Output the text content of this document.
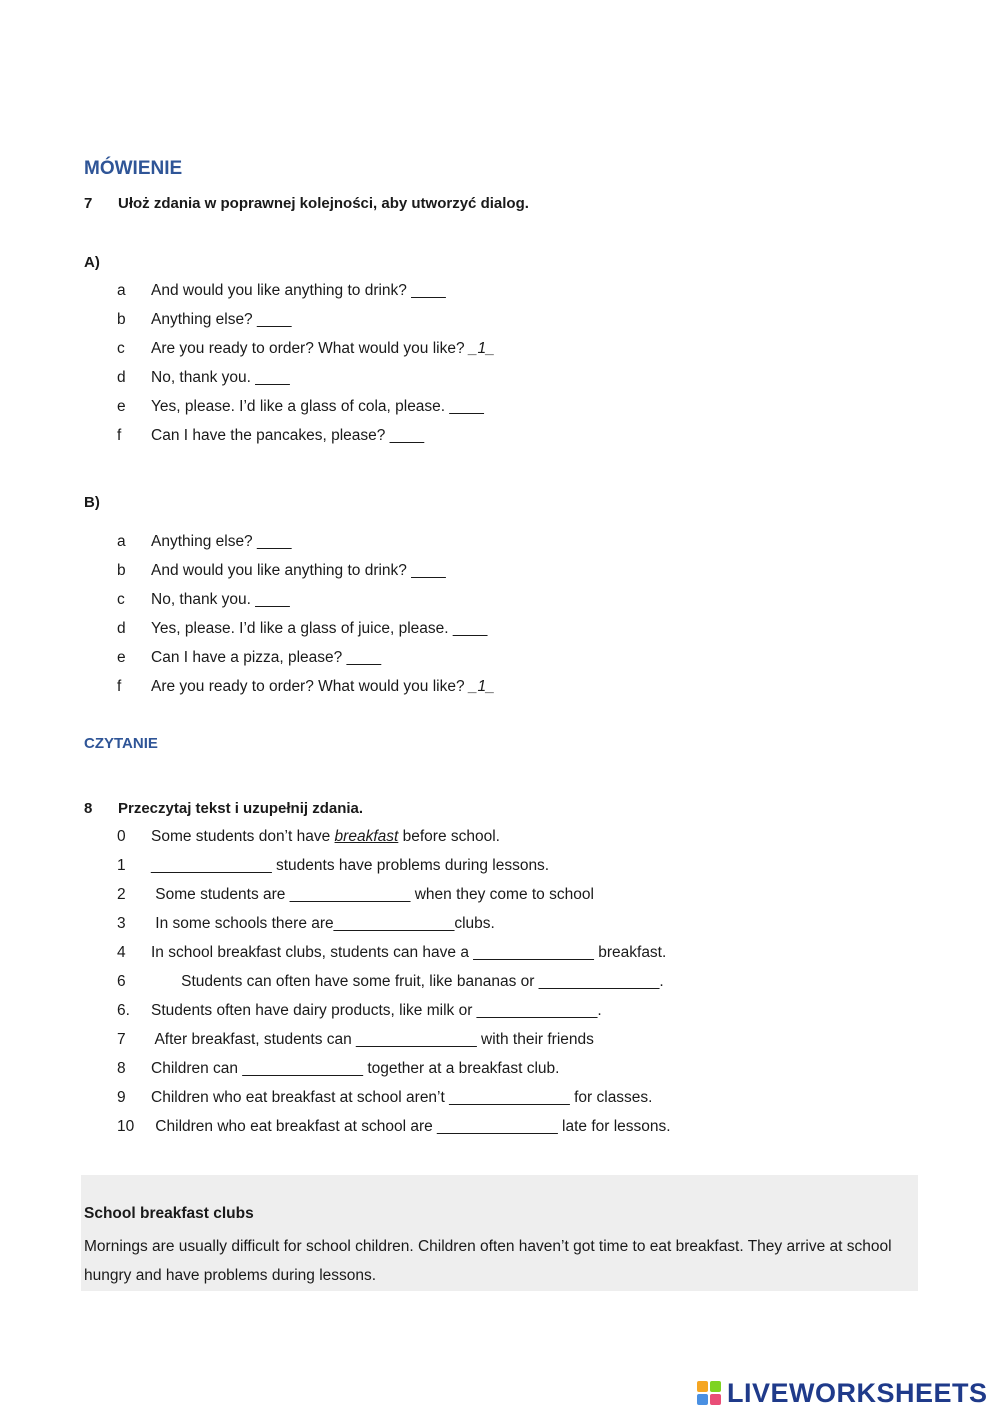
MÓWIENIE
7 Ułoż zdania w poprawnej kolejności, aby utworzyć dialog.
A)
a And would you like anything to drink? ____
b Anything else? ____
c Are you ready to order? What would you like? _1_
d No, thank you. ____
e Yes, please. I’d like a glass of cola, please. ____
f Can I have the pancakes, please? ____
B)
a Anything else? ____
b And would you like anything to drink? ____
c No, thank you. ____
d Yes, please. I’d like a glass of juice, please. ____
e Can I have a pizza, please? ____
f Are you ready to order? What would you like? _1_
CZYTANIE
8 Przeczytaj tekst i uzupełnij zdania.
0 Some students don’t have breakfast before school.
1 ______________ students have problems during lessons.
2 Some students are ______________ when they come to school
3 In some schools there are______________clubs.
4 In school breakfast clubs, students can have a ______________ breakfast.
6 Students can often have some fruit, like bananas or ______________.
6. Students often have dairy products, like milk or ______________.
7 After breakfast, students can ______________ with their friends
8 Children can ______________ together at a breakfast club.
9 Children who eat breakfast at school aren’t ______________ for classes.
10 Children who eat breakfast at school are ______________ late for lessons.
School breakfast clubs
Mornings are usually difficult for school children. Children often haven’t got time to eat breakfast. They arrive at school hungry and have problems during lessons.
LIVEWORKSHEETS
